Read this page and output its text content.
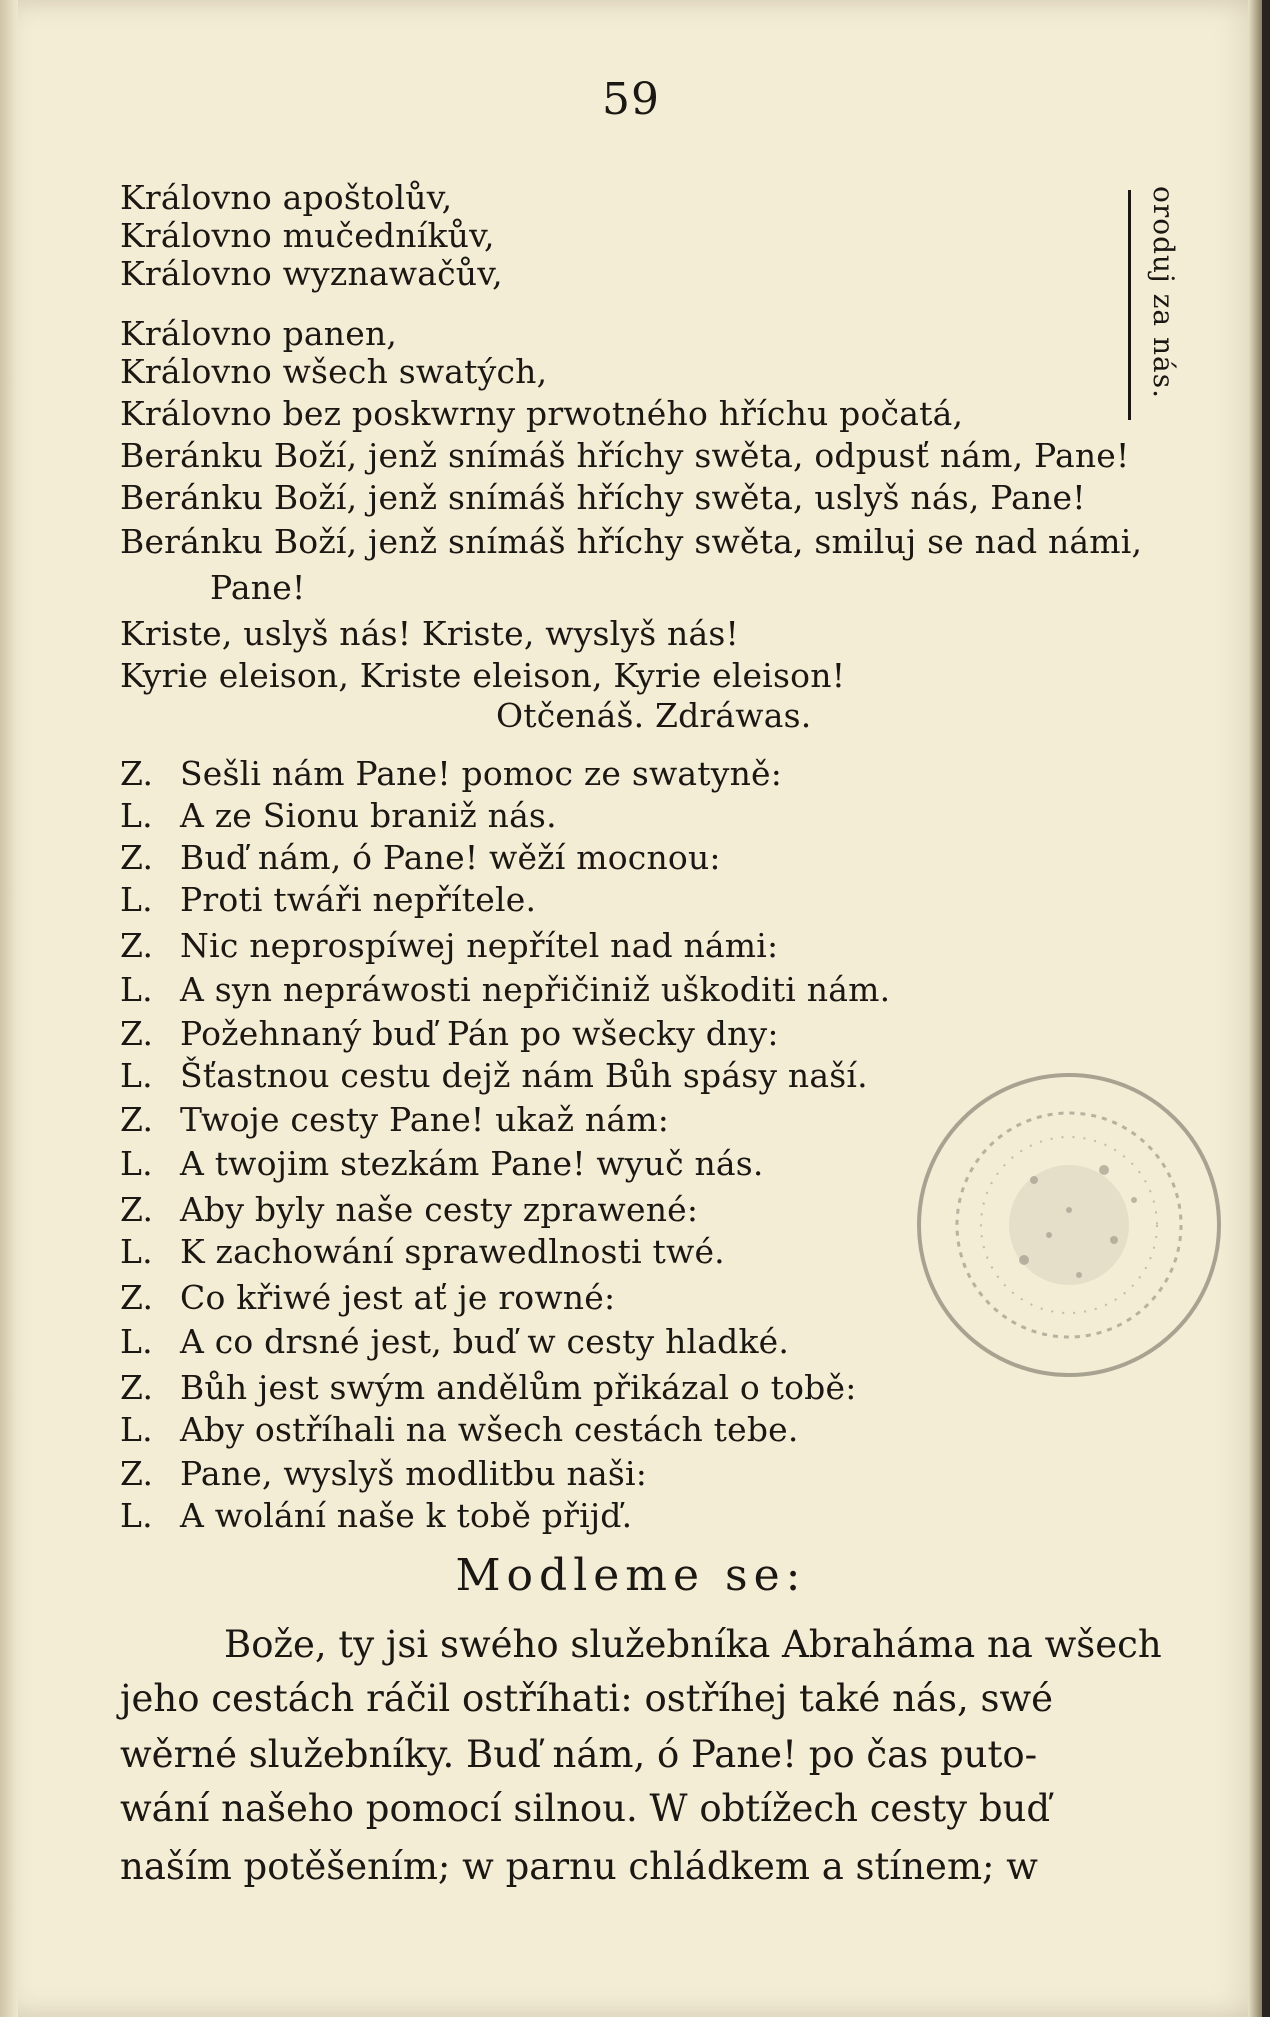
59
Královno apoštolův,
Královno mučedníkův,
Královno wyznawačův,
Královno panen,
Královno wšech swatých,
Královno bez poskwrny prwotného hříchu počatá,
Beránku Boží, jenž snímáš hříchy swěta, odpusť nám, Pane!
Beránku Boží, jenž snímáš hříchy swěta, uslyš nás, Pane!
Beránku Boží, jenž snímáš hříchy swěta, smiluj se nad námi,
Pane!
Kriste, uslyš nás! Kriste, wyslyš nás!
Kyrie eleison, Kriste eleison, Kyrie eleison!
Otčenáš. Zdráwas.
oroduj za nás.
Z. Sešli nám Pane! pomoc ze swatyně:
L. A ze Sionu braniž nás.
Z. Buď nám, ó Pane! wěží mocnou:
L. Proti twáři nepřítele.
Z. Nic neprospíwej nepřítel nad námi:
L. A syn nepráwosti nepřičiniž uškoditi nám.
Z. Požehnaný buď Pán po wšecky dny:
L. Šťastnou cestu dejž nám Bůh spásy naší.
Z. Twoje cesty Pane! ukaž nám:
L. A twojim stezkám Pane! wyuč nás.
Z. Aby byly naše cesty zprawené:
L. K zachowání sprawedlnosti twé.
Z. Co křiwé jest ať je rowné:
L. A co drsné jest, buď w cesty hladké.
Z. Bůh jest swým andělům přikázal o tobě:
L. Aby ostříhali na wšech cestách tebe.
Z. Pane, wyslyš modlitbu naši:
L. A wolání naše k tobě přijď.
Modleme se:
Bože, ty jsi swého služebníka Abraháma na wšech
jeho cestách ráčil ostříhati: ostříhej také nás, swé
wěrné služebníky. Buď nám, ó Pane! po čas puto-
wání našeho pomocí silnou. W obtížech cesty buď
naším potěšením; w parnu chládkem a stínem; w
